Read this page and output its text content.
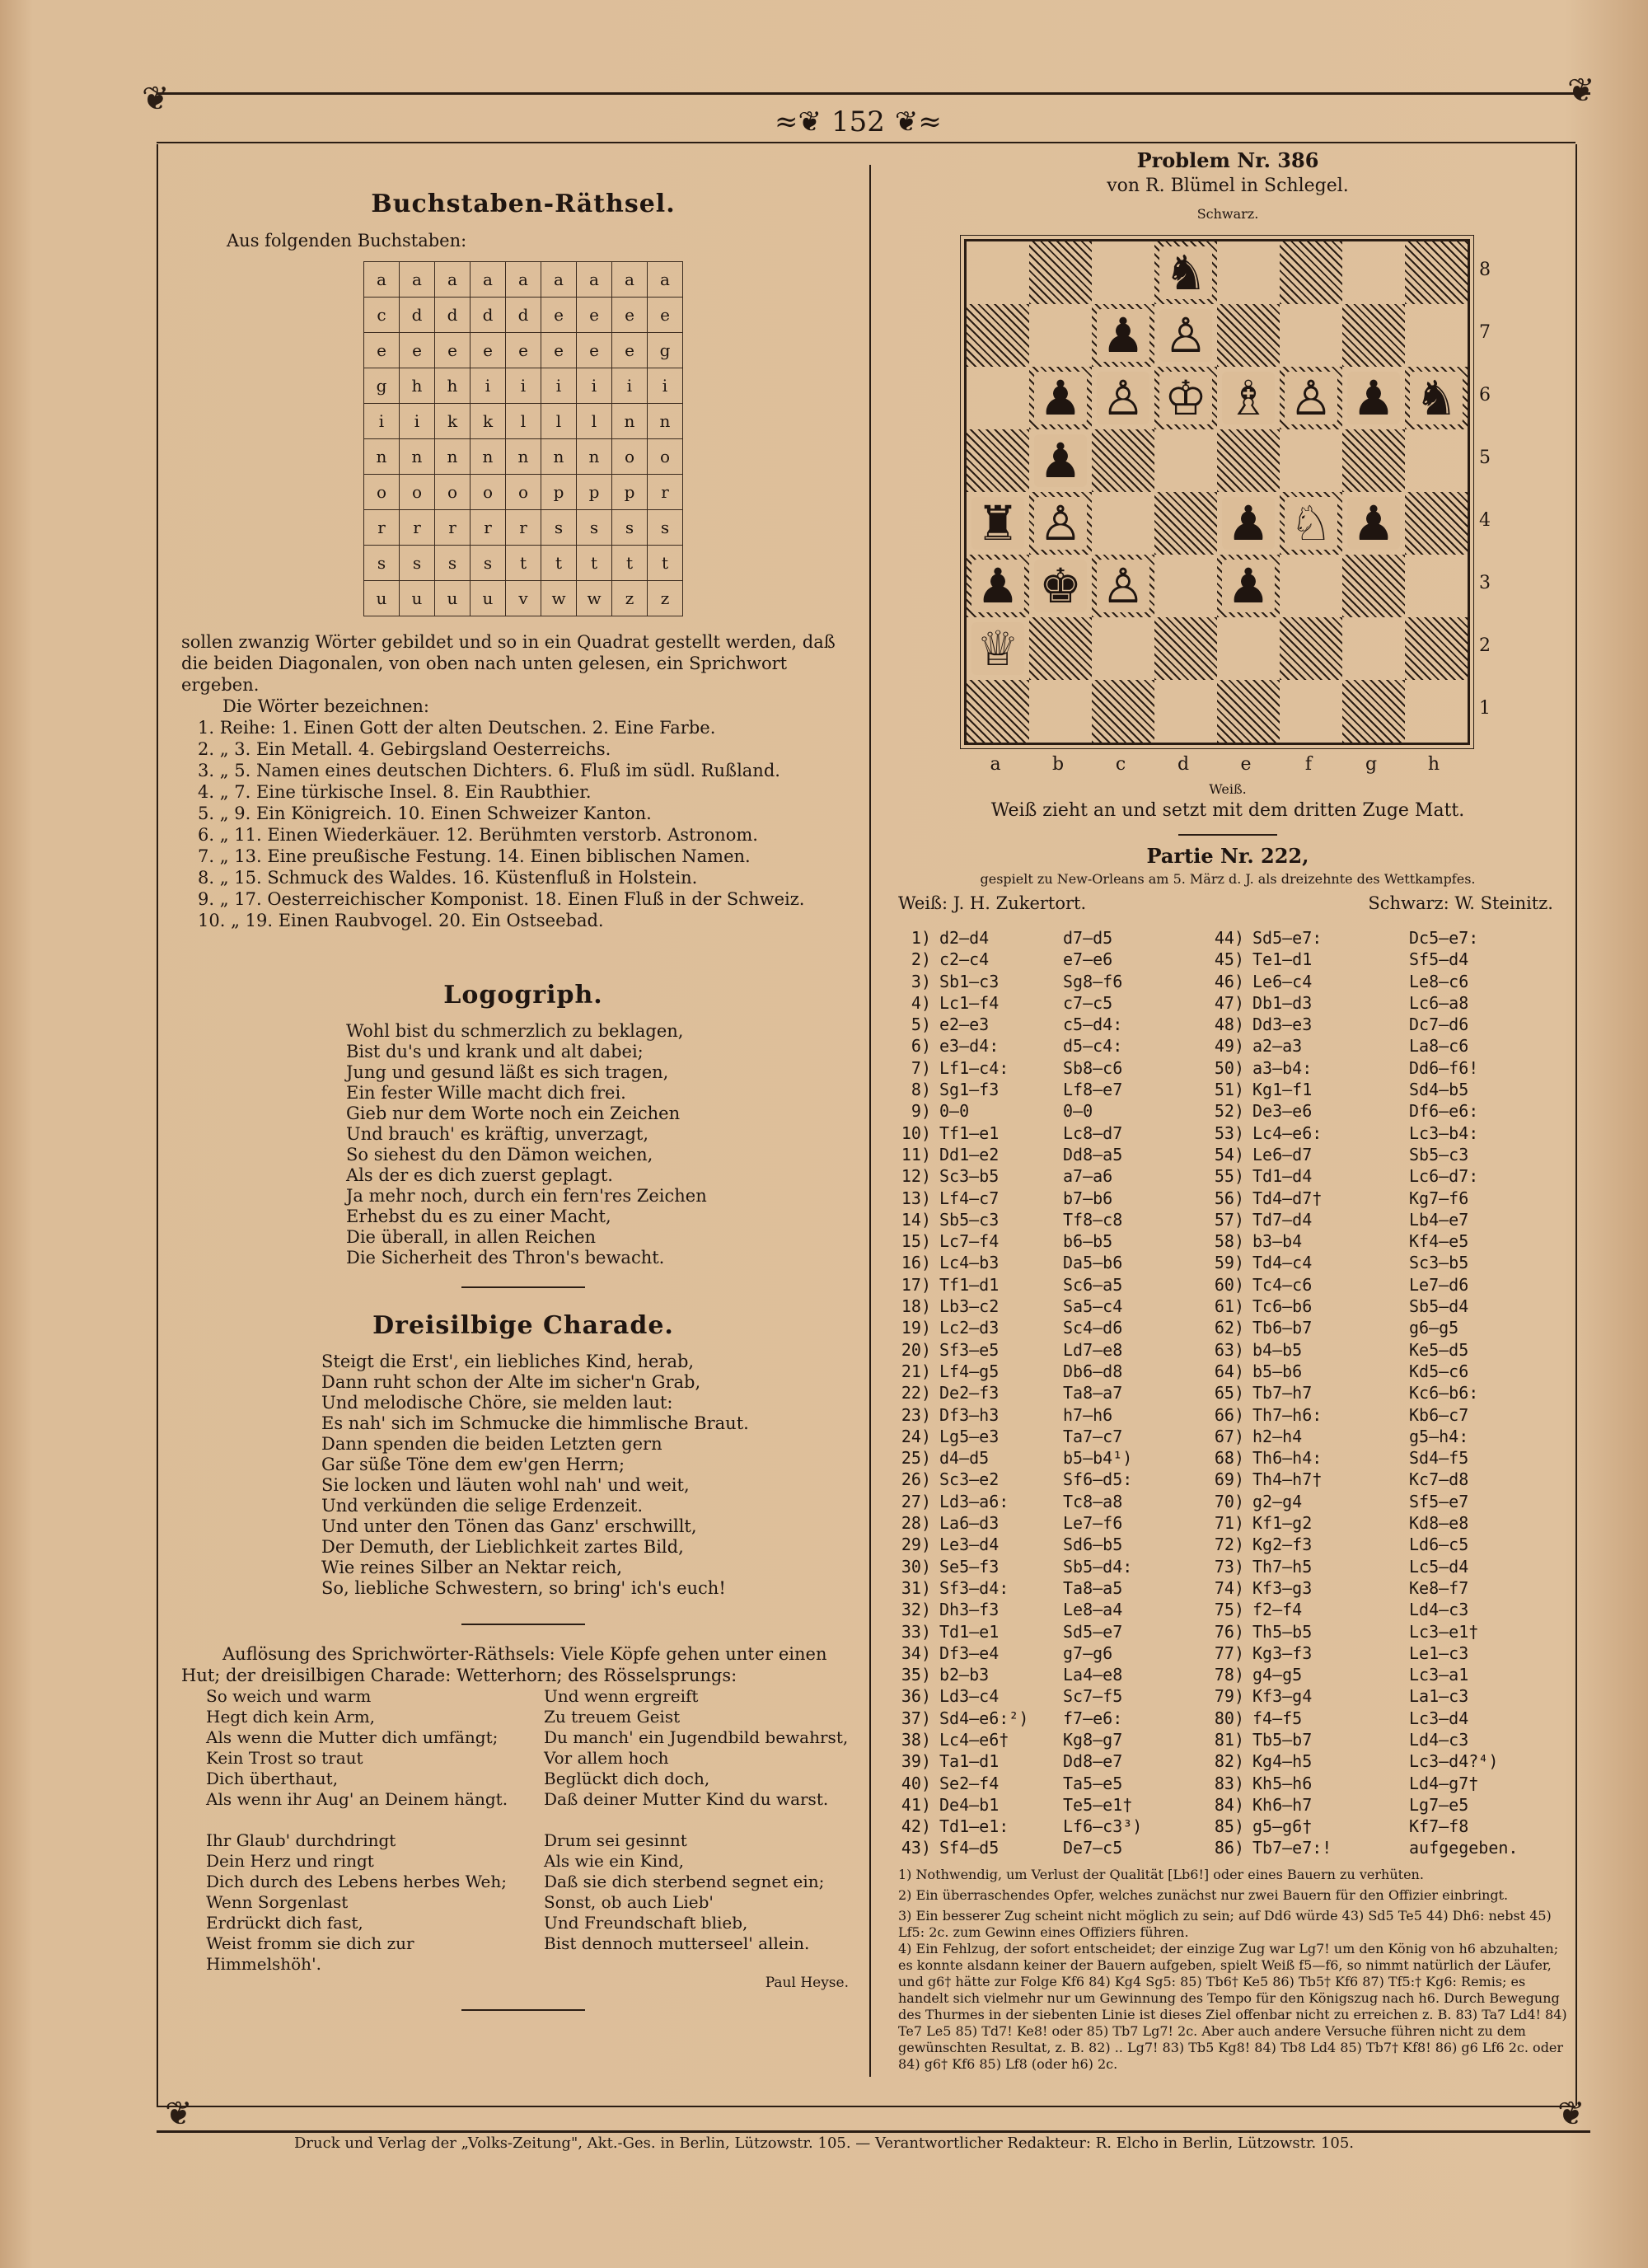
❦	❦
❦	❦
≈❦ 152 ❦≈
Buchstaben-Räthsel.
Aus folgenden Buchstaben:
a	a	a	a	a	a	a	a	a
c	d	d	d	d	e	e	e	e
e	e	e	e	e	e	e	e	g
g	h	h	i	i	i	i	i	i
i	i	k	k	l	l	l	n	n
n	n	n	n	n	n	n	o	o
o	o	o	o	o	p	p	p	r
r	r	r	r	r	s	s	s	s
s	s	s	s	t	t	t	t	t
u	u	u	u	v	w	w	z	z
sollen zwanzig Wörter gebildet und so in ein Quadrat gestellt werden, daß die beiden Diagonalen, von oben nach unten gelesen, ein Sprichwort ergeben.
Die Wörter bezeichnen:
1. Reihe: 1. Einen Gott der alten Deutschen. 2. Eine Farbe.
2. „ 3. Ein Metall. 4. Gebirgsland Oesterreichs.
3. „ 5. Namen eines deutschen Dichters. 6. Fluß im südl. Rußland.
4. „ 7. Eine türkische Insel. 8. Ein Raubthier.
5. „ 9. Ein Königreich. 10. Einen Schweizer Kanton.
6. „ 11. Einen Wiederkäuer. 12. Berühmten verstorb. Astronom.
7. „ 13. Eine preußische Festung. 14. Einen biblischen Namen.
8. „ 15. Schmuck des Waldes. 16. Küstenfluß in Holstein.
9. „ 17. Oesterreichischer Komponist. 18. Einen Fluß in der Schweiz.
10. „ 19. Einen Raubvogel. 20. Ein Ostseebad.
Logogriph.
Wohl bist du schmerzlich zu beklagen,
Bist du's und krank und alt dabei;
Jung und gesund läßt es sich tragen,
Ein fester Wille macht dich frei.
Gieb nur dem Worte noch ein Zeichen
Und brauch' es kräftig, unverzagt,
So siehest du den Dämon weichen,
Als der es dich zuerst geplagt.
Ja mehr noch, durch ein fern'res Zeichen
Erhebst du es zu einer Macht,
Die überall, in allen Reichen
Die Sicherheit des Thron's bewacht.
Dreisilbige Charade.
Steigt die Erst', ein liebliches Kind, herab,
Dann ruht schon der Alte im sicher'n Grab,
Und melodische Chöre, sie melden laut:
Es nah' sich im Schmucke die himmlische Braut.
Dann spenden die beiden Letzten gern
Gar süße Töne dem ew'gen Herrn;
Sie locken und läuten wohl nah' und weit,
Und verkünden die selige Erdenzeit.
Und unter den Tönen das Ganz' erschwillt,
Der Demuth, der Lieblichkeit zartes Bild,
Wie reines Silber an Nektar reich,
So, liebliche Schwestern, so bring' ich's euch!
Auflösung des Sprichwörter-Räthsels: Viele Köpfe gehen unter einen Hut; der dreisilbigen Charade: Wetterhorn; des Rösselsprungs:
So weich und warm
Hegt dich kein Arm,
Als wenn die Mutter dich umfängt;
Kein Trost so traut
Dich überthaut,
Als wenn ihr Aug' an Deinem hängt.
Ihr Glaub' durchdringt
Dein Herz und ringt
Dich durch des Lebens herbes Weh;
Wenn Sorgenlast
Erdrückt dich fast,
Weist fromm sie dich zur Himmelshöh'.
Und wenn ergreift
Zu treuem Geist
Du manch' ein Jugendbild bewahrst,
Vor allem hoch
Beglückt dich doch,
Daß deiner Mutter Kind du warst.
Drum sei gesinnt
Als wie ein Kind,
Daß sie dich sterbend segnet ein;
Sonst, ob auch Lieb'
Und Freundschaft blieb,
Bist dennoch mutterseel' allein.
Paul Heyse.
Problem Nr. 386
von R. Blümel in Schlegel.
Schwarz.
♞
♟ ♙
♟ ♙ ♔ ♗ ♙ ♟ ♞
♟
♜ ♙	♟ ♘ ♟
♟ ♚ ♙ ♟
♕
8
7
6
5
4
3
2
1
a	b	c	d	e	f	g	h
Weiß.
Weiß zieht an und setzt mit dem dritten Zuge Matt.
Partie Nr. 222,
gespielt zu New-Orleans am 5. März d. J. als dreizehnte des Wettkampfes.
Weiß: J. H. Zukertort.	Schwarz: W. Steinitz.
1) d2—d4	d7—d5	44) Sd5—e7:	Dc5—e7:
2) c2—c4	e7—e6	45) Te1—d1	Sf5—d4
3) Sb1—c3	Sg8—f6	46) Le6—c4	Le8—c6
4) Lc1—f4	c7—c5	47) Db1—d3	Lc6—a8
5) e2—e3	c5—d4:	48) Dd3—e3	Dc7—d6
6) e3—d4:	d5—c4:	49) a2—a3	La8—c6
7) Lf1—c4:	Sb8—c6	50) a3—b4:	Dd6—f6!
8) Sg1—f3	Lf8—e7	51) Kg1—f1	Sd4—b5
9) 0—0	0—0	52) De3—e6	Df6—e6:
10) Tf1—e1	Lc8—d7	53) Lc4—e6:	Lc3—b4:
11) Dd1—e2	Dd8—a5	54) Le6—d7	Sb5—c3
12) Sc3—b5	a7—a6	55) Td1—d4	Lc6—d7:
13) Lf4—c7	b7—b6	56) Td4—d7†	Kg7—f6
14) Sb5—c3	Tf8—c8	57) Td7—d4	Lb4—e7
15) Lc7—f4	b6—b5	58) b3—b4	Kf4—e5
16) Lc4—b3	Da5—b6	59) Td4—c4	Sc3—b5
17) Tf1—d1	Sc6—a5	60) Tc4—c6	Le7—d6
18) Lb3—c2	Sa5—c4	61) Tc6—b6	Sb5—d4
19) Lc2—d3	Sc4—d6	62) Tb6—b7	g6—g5
20) Sf3—e5	Ld7—e8	63) b4—b5	Ke5—d5
21) Lf4—g5	Db6—d8	64) b5—b6	Kd5—c6
22) De2—f3	Ta8—a7	65) Tb7—h7	Kc6—b6:
23) Df3—h3	h7—h6	66) Th7—h6:	Kb6—c7
24) Lg5—e3	Ta7—c7	67) h2—h4	g5—h4:
25) d4—d5	b5—b4¹)	68) Th6—h4:	Sd4—f5
26) Sc3—e2	Sf6—d5:	69) Th4—h7†	Kc7—d8
27) Ld3—a6:	Tc8—a8	70) g2—g4	Sf5—e7
28) La6—d3	Le7—f6	71) Kf1—g2	Kd8—e8
29) Le3—d4	Sd6—b5	72) Kg2—f3	Ld6—c5
30) Se5—f3	Sb5—d4:	73) Th7—h5	Lc5—d4
31) Sf3—d4:	Ta8—a5	74) Kf3—g3	Ke8—f7
32) Dh3—f3	Le8—a4	75) f2—f4	Ld4—c3
33) Td1—e1	Sd5—e7	76) Th5—b5	Lc3—e1†
34) Df3—e4	g7—g6	77) Kg3—f3	Le1—c3
35) b2—b3	La4—e8	78) g4—g5	Lc3—a1
36) Ld3—c4	Sc7—f5	79) Kf3—g4	La1—c3
37) Sd4—e6:²)	f7—e6:	80) f4—f5	Lc3—d4
38) Lc4—e6†	Kg8—g7	81) Tb5—b7	Ld4—c3
39) Ta1—d1	Dd8—e7	82) Kg4—h5	Lc3—d4?⁴)
40) Se2—f4	Ta5—e5	83) Kh5—h6	Ld4—g7†
41) De4—b1	Te5—e1†	84) Kh6—h7	Lg7—e5
42) Td1—e1:	Lf6—c3³)	85) g5—g6†	Kf7—f8
43) Sf4—d5	De7—c5	86) Tb7—e7:!	aufgegeben.
1) Nothwendig, um Verlust der Qualität [Lb6!] oder eines Bauern zu verhüten.
2) Ein überraschendes Opfer, welches zunächst nur zwei Bauern für den Offizier einbringt.
3) Ein besserer Zug scheint nicht möglich zu sein; auf Dd6 würde 43) Sd5 Te5 44) Dh6: nebst 45) Lf5: 2c. zum Gewinn eines Offiziers führen.
4) Ein Fehlzug, der sofort entscheidet; der einzige Zug war Lg7! um den König von h6 abzuhalten; es konnte alsdann keiner der Bauern aufgeben, spielt Weiß f5—f6, so nimmt natürlich der Läufer, und g6† hätte zur Folge Kf6 84) Kg4 Sg5: 85) Tb6† Ke5 86) Tb5† Kf6 87) Tf5:† Kg6: Remis; es handelt sich vielmehr nur um Gewinnung des Tempo für den Königszug nach h6. Durch Bewegung des Thurmes in der siebenten Linie ist dieses Ziel offenbar nicht zu erreichen z. B. 83) Ta7 Ld4! 84) Te7 Le5 85) Td7! Ke8! oder 85) Tb7 Lg7! 2c. Aber auch andere Versuche führen nicht zu dem gewünschten Resultat, z. B. 82) .. Lg7! 83) Tb5 Kg8! 84) Tb8 Ld4 85) Tb7† Kf8! 86) g6 Lf6 2c. oder 84) g6† Kf6 85) Lf8 (oder h6) 2c.
Druck und Verlag der „Volks-Zeitung", Akt.-Ges. in Berlin, Lützowstr. 105. — Verantwortlicher Redakteur: R. Elcho in Berlin, Lützowstr. 105.
